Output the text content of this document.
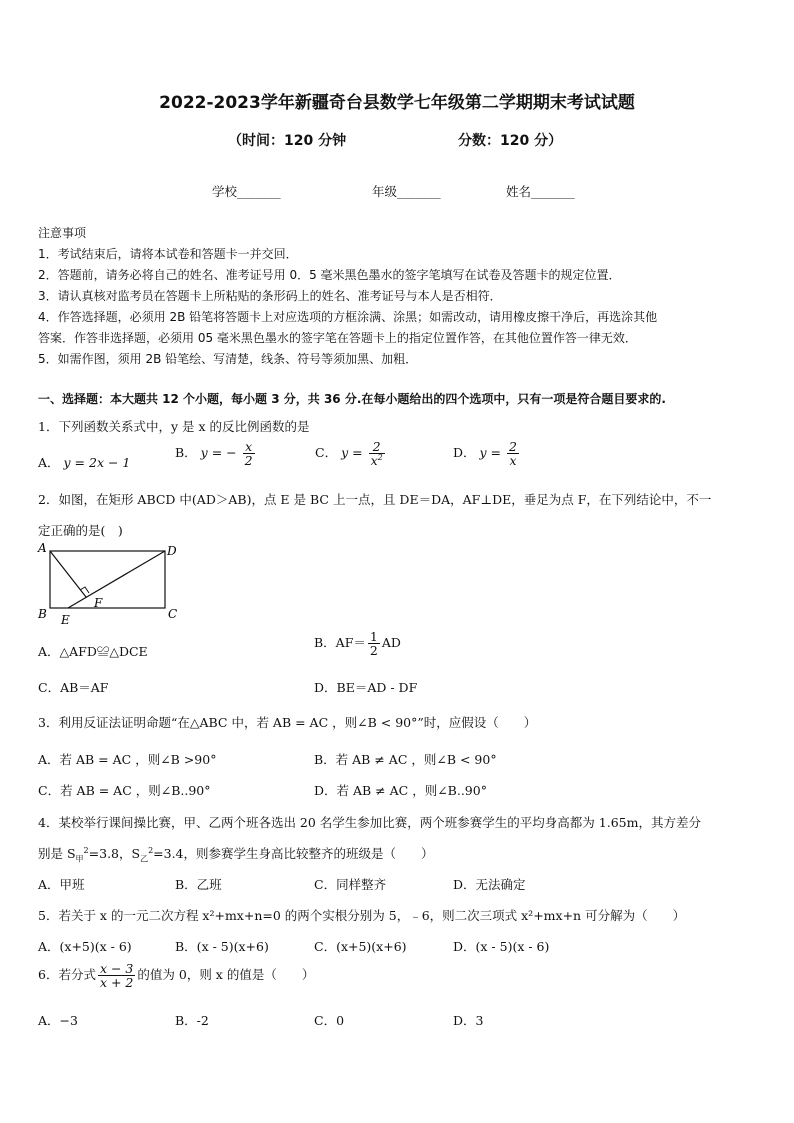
2022-2023学年新疆奇台县数学七年级第二学期期末考试试题
（时间：120 分钟	分数：120 分）
学校_______	年级_______	姓名_______
注意事项
1．考试结束后，请将本试卷和答题卡一并交回．
2．答题前，请务必将自己的姓名、准考证号用 0．5 毫米黑色墨水的签字笔填写在试卷及答题卡的规定位置．
3．请认真核对监考员在答题卡上所粘贴的条形码上的姓名、准考证号与本人是否相符．
4．作答选择题，必须用 2B 铅笔将答题卡上对应选项的方框涂满、涂黑；如需改动，请用橡皮擦干净后，再选涂其他
答案．作答非选择题，必须用 05 毫米黑色墨水的签字笔在答题卡上的指定位置作答，在其他位置作答一律无效．
5．如需作图，须用 2B 铅笔绘、写清楚，线条、符号等须加黑、加粗．
一、选择题：本大题共 12 个小题，每小题 3 分，共 36 分.在每小题给出的四个选项中，只有一项是符合题目要求的.
1．下列函数关系式中，y 是 x 的反比例函数的是
A． y = 2x − 1
B． y = − $\frac{x}{2}$	C． $y = \frac{2}{x^2}$	D． $y = \frac{2}{x}$
2．如图，在矩形 ABCD 中(AD＞AB)，点 E 是 BC 上一点，且 DE＝DA，AF⊥DE，垂足为点 F，在下列结论中，不一
定正确的是(　)
A	D
B	C
E
F
A．△AFD≌△DCE
B．$AF= \frac{1}{2}$ AD
C．AB＝AF	D．BE＝AD - DF
3．利用反证法证明命题“在△ABC 中，若 AB = AC ，则∠B < 90°”时，应假设（　　）
A．若 AB = AC ，则∠B >90°	B．若 AB ≠ AC ，则∠B < 90°
C．若 AB = AC ，则∠B..90°	D．若 AB ≠ AC ，则∠B..90°
4．某校举行课间操比赛，甲、乙两个班各选出 20 名学生参加比赛，两个班参赛学生的平均身高都为 1.65m，其方差分
别是 $S_甲^2=3.8$，$S_乙^2=3.4$，则参赛学生身高比较整齐的班级是（　　）
A．甲班	B．乙班	C．同样整齐	D．无法确定
5．若关于 x 的一元二次方程 x²+mx+n=0 的两个实根分别为 5，﹣6，则二次三项式 x²+mx+n 可分解为（　　）
A．(x+5)(x - 6)	B．(x - 5)(x+6)	C．(x+5)(x+6)	D．(x - 5)(x - 6)
6．若分式 $\frac{x - 3}{x + 2}$ 的值为 0，则 x 的值是（　　）
A．−3	B．-2	C．0	D．3
